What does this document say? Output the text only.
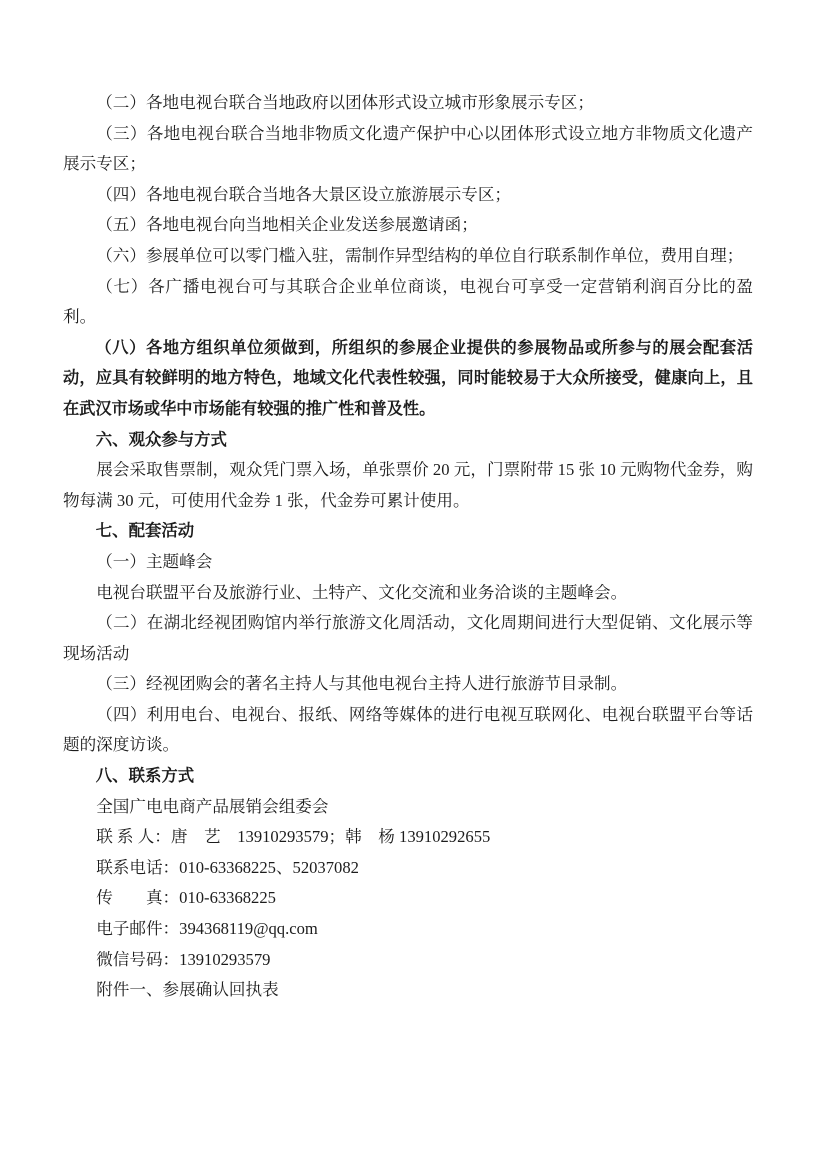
（二）各地电视台联合当地政府以团体形式设立城市形象展示专区；

（三）各地电视台联合当地非物质文化遗产保护中心以团体形式设立地方非物质文化遗产展示专区；

（四）各地电视台联合当地各大景区设立旅游展示专区；

（五）各地电视台向当地相关企业发送参展邀请函；

（六）参展单位可以零门槛入驻，需制作异型结构的单位自行联系制作单位，费用自理；

（七）各广播电视台可与其联合企业单位商谈，电视台可享受一定营销利润百分比的盈利。

（八）各地方组织单位须做到，所组织的参展企业提供的参展物品或所参与的展会配套活动，应具有较鲜明的地方特色，地域文化代表性较强，同时能较易于大众所接受，健康向上，且在武汉市场或华中市场能有较强的推广性和普及性。

六、观众参与方式

展会采取售票制，观众凭门票入场，单张票价 20 元，门票附带 15 张 10 元购物代金券，购物每满 30 元，可使用代金券 1 张，代金券可累计使用。

七、配套活动

（一）主题峰会

电视台联盟平台及旅游行业、土特产、文化交流和业务洽谈的主题峰会。

（二）在湖北经视团购馆内举行旅游文化周活动，文化周期间进行大型促销、文化展示等现场活动

（三）经视团购会的著名主持人与其他电视台主持人进行旅游节目录制。

（四）利用电台、电视台、报纸、网络等媒体的进行电视互联网化、电视台联盟平台等话题的深度访谈。

八、联系方式

全国广电电商产品展销会组委会

联 系 人：唐　艺　13910293579；韩　杨 13910292655

联系电话：010-63368225、52037082

传　　真：010-63368225

电子邮件：394368119@qq.com

微信号码：13910293579

附件一、参展确认回执表
